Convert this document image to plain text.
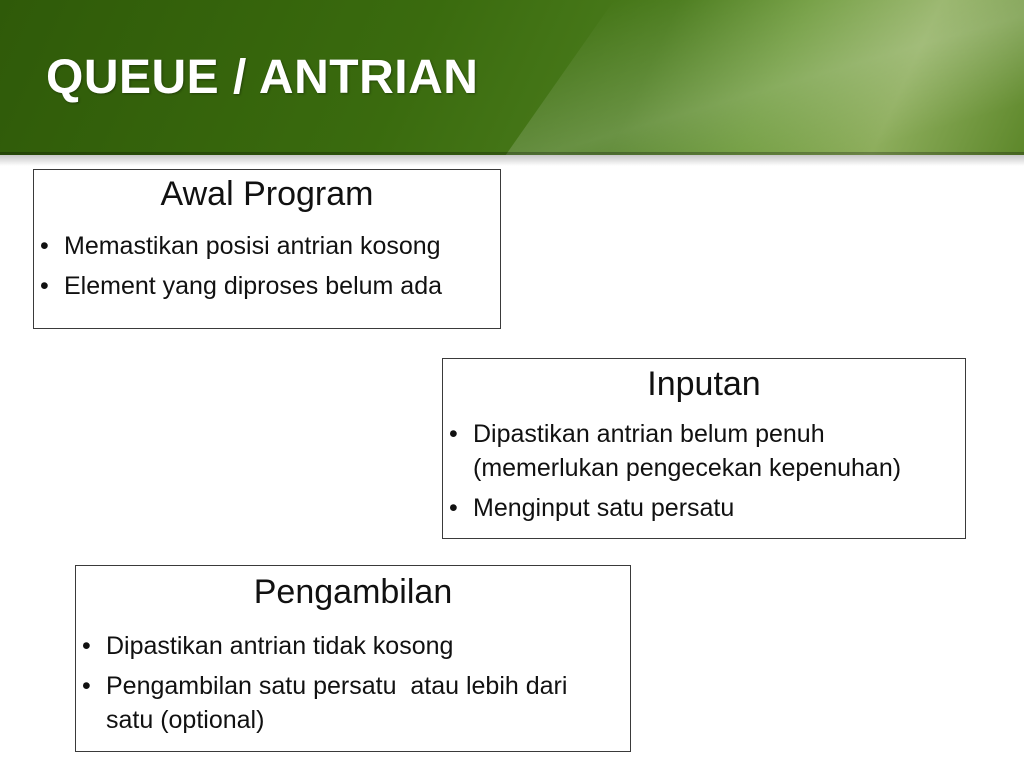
QUEUE / ANTRIAN
Awal Program
• Memastikan posisi antrian kosong
• Element yang diproses belum ada
Inputan
• Dipastikan antrian belum penuh
(memerlukan pengecekan kepenuhan)
• Menginput satu persatu
Pengambilan
• Dipastikan antrian tidak kosong
• Pengambilan satu persatu  atau lebih dari
satu (optional)
